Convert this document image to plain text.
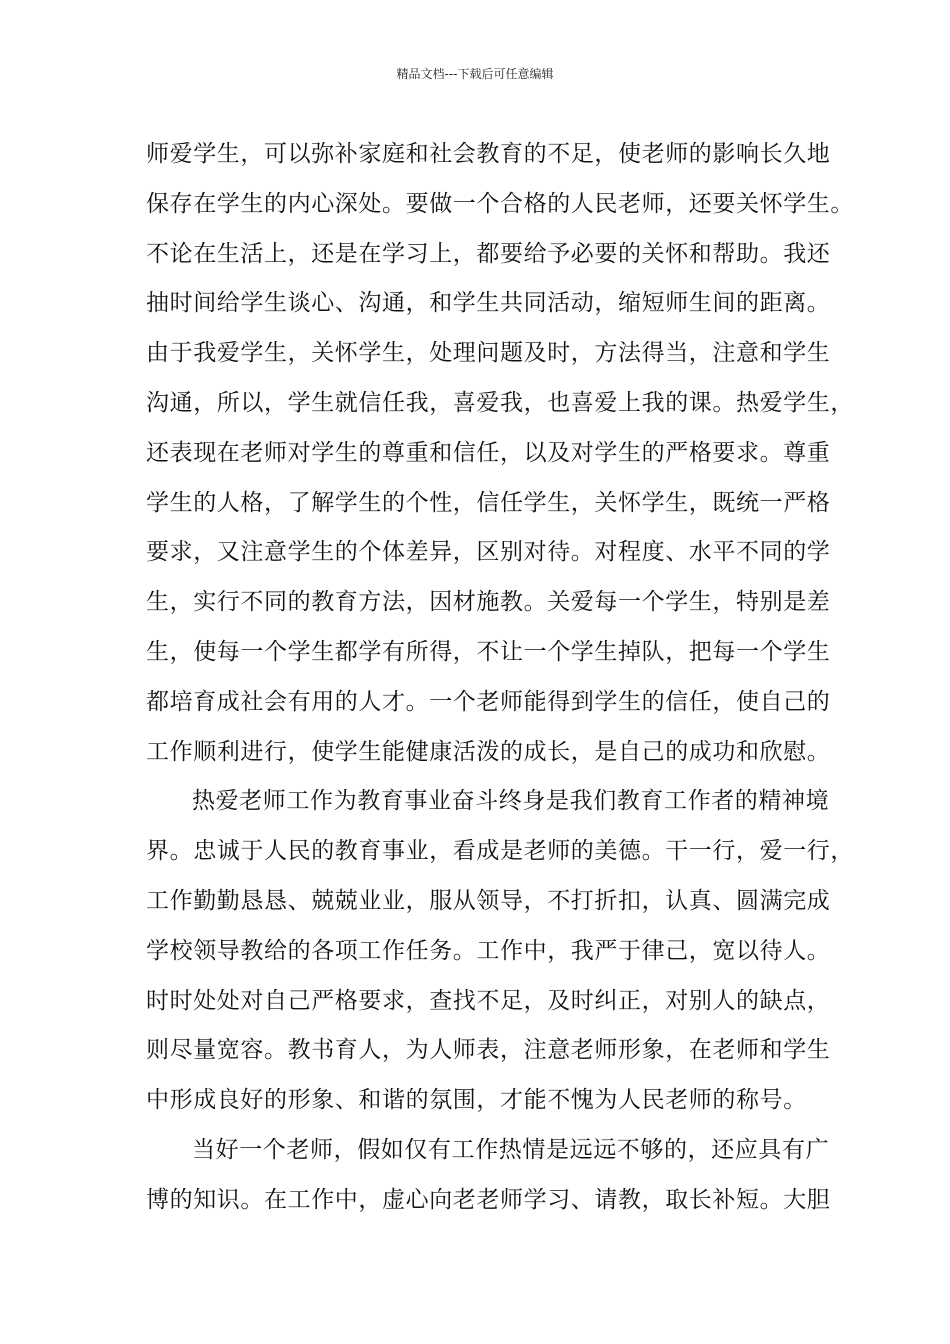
精品文档---下载后可任意编辑
师爱学生，可以弥补家庭和社会教育的不足，使老师的影响长久地
保存在学生的内心深处。要做一个合格的人民老师，还要关怀学生。
不论在生活上，还是在学习上，都要给予必要的关怀和帮助。我还
抽时间给学生谈心、沟通，和学生共同活动，缩短师生间的距离。
由于我爱学生，关怀学生，处理问题及时，方法得当，注意和学生
沟通，所以，学生就信任我，喜爱我，也喜爱上我的课。热爱学生，
还表现在老师对学生的尊重和信任，以及对学生的严格要求。尊重
学生的人格，了解学生的个性，信任学生，关怀学生，既统一严格
要求，又注意学生的个体差异，区别对待。对程度、水平不同的学
生，实行不同的教育方法，因材施教。关爱每一个学生，特别是差
生，使每一个学生都学有所得，不让一个学生掉队，把每一个学生
都培育成社会有用的人才。一个老师能得到学生的信任，使自己的
工作顺利进行，使学生能健康活泼的成长，是自己的成功和欣慰。
热爱老师工作为教育事业奋斗终身是我们教育工作者的精神境
界。忠诚于人民的教育事业，看成是老师的美德。干一行，爱一行，
工作勤勤恳恳、兢兢业业，服从领导，不打折扣，认真、圆满完成
学校领导教给的各项工作任务。工作中，我严于律己，宽以待人。
时时处处对自己严格要求，查找不足，及时纠正，对别人的缺点，
则尽量宽容。教书育人，为人师表，注意老师形象，在老师和学生
中形成良好的形象、和谐的氛围，才能不愧为人民老师的称号。
当好一个老师，假如仅有工作热情是远远不够的，还应具有广
博的知识。在工作中，虚心向老老师学习、请教，取长补短。大胆
